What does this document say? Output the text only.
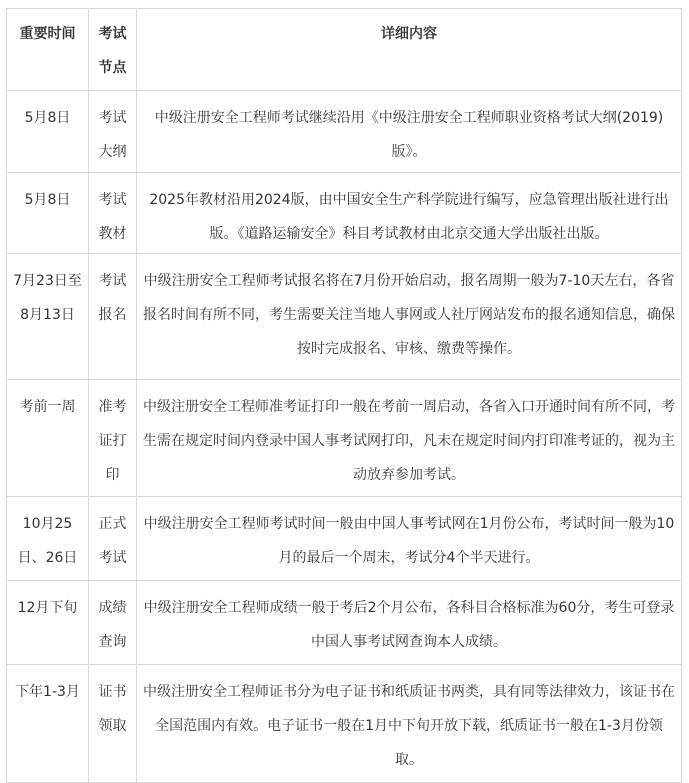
重要时间	考试节点	详细内容
5月8日	考试大纲	中级注册安全工程师考试继续沿用《中级注册安全工程师职业资格考试大纲(2019)版》。
5月8日	考试教材	2025年教材沿用2024版，由中国安全生产科学院进行编写，应急管理出版社进行出版。《道路运输安全》科目考试教材由北京交通大学出版社出版。
7月23日至8月13日	考试报名	中级注册安全工程师考试报名将在7月份开始启动，报名周期一般为7-10天左右，各省报名时间有所不同，考生需要关注当地人事网或人社厅网站发布的报名通知信息，确保按时完成报名、审核、缴费等操作。
考前一周	准考证打印	中级注册安全工程师准考证打印一般在考前一周启动，各省入口开通时间有所不同，考生需在规定时间内登录中国人事考试网打印，凡未在规定时间内打印准考证的，视为主动放弃参加考试。
10月25日、26日	正式考试	中级注册安全工程师考试时间一般由中国人事考试网在1月份公布，考试时间一般为10月的最后一个周末，考试分4个半天进行。
12月下旬	成绩查询	中级注册安全工程师成绩一般于考后2个月公布，各科目合格标准为60分，考生可登录中国人事考试网查询本人成绩。
下年1-3月	证书领取	中级注册安全工程师证书分为电子证书和纸质证书两类，具有同等法律效力，该证书在全国范围内有效。电子证书一般在1月中下旬开放下载，纸质证书一般在1-3月份领取。
